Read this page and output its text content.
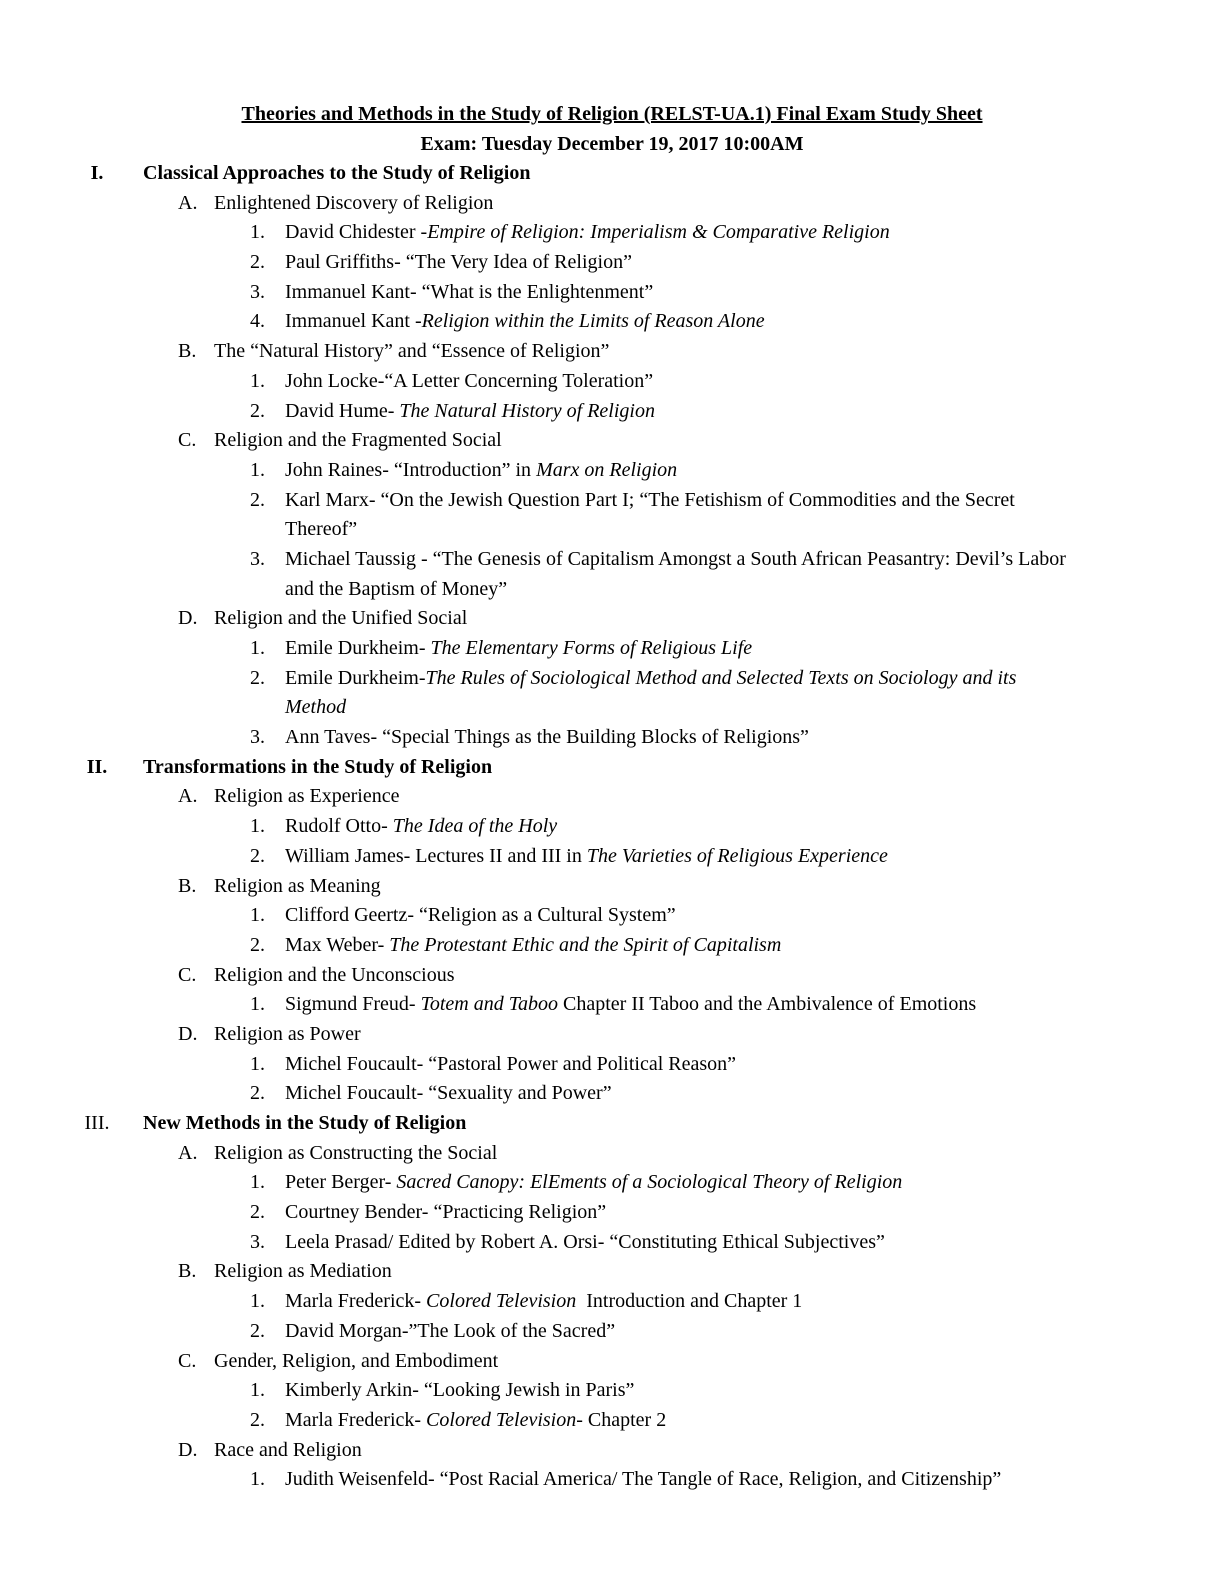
Theories and Methods in the Study of Religion (RELST-UA.1) Final Exam Study Sheet
Exam: Tuesday December 19, 2017 10:00AM
I.	Classical Approaches to the Study of Religion
A. Enlightened Discovery of Religion
1. David Chidester -Empire of Religion: Imperialism & Comparative Religion
2. Paul Griffiths- “The Very Idea of Religion”
3. Immanuel Kant- “What is the Enlightenment”
4. Immanuel Kant -Religion within the Limits of Reason Alone
B. The “Natural History” and “Essence of Religion”
1. John Locke-“A Letter Concerning Toleration”
2. David Hume- The Natural History of Religion
C. Religion and the Fragmented Social
1. John Raines- “Introduction” in Marx on Religion
2. Karl Marx- “On the Jewish Question Part I; “The Fetishism of Commodities and the Secret
Thereof”
3. Michael Taussig - “The Genesis of Capitalism Amongst a South African Peasantry: Devil’s Labor
and the Baptism of Money”
D. Religion and the Unified Social
1. Emile Durkheim- The Elementary Forms of Religious Life
2. Emile Durkheim-The Rules of Sociological Method and Selected Texts on Sociology and its
Method
3. Ann Taves- “Special Things as the Building Blocks of Religions”
II.	Transformations in the Study of Religion
A. Religion as Experience
1. Rudolf Otto- The Idea of the Holy
2. William James- Lectures II and III in The Varieties of Religious Experience
B. Religion as Meaning
1. Clifford Geertz- “Religion as a Cultural System”
2. Max Weber- The Protestant Ethic and the Spirit of Capitalism
C. Religion and the Unconscious
1. Sigmund Freud- Totem and Taboo Chapter II Taboo and the Ambivalence of Emotions
D. Religion as Power
1. Michel Foucault- “Pastoral Power and Political Reason”
2. Michel Foucault- “Sexuality and Power”
III.	New Methods in the Study of Religion
A. Religion as Constructing the Social
1. Peter Berger- Sacred Canopy: ElEments of a Sociological Theory of Religion
2. Courtney Bender- “Practicing Religion”
3. Leela Prasad/ Edited by Robert A. Orsi- “Constituting Ethical Subjectives”
B. Religion as Mediation
1. Marla Frederick- Colored Television  Introduction and Chapter 1
2. David Morgan-”The Look of the Sacred”
C. Gender, Religion, and Embodiment
1. Kimberly Arkin- “Looking Jewish in Paris”
2. Marla Frederick- Colored Television- Chapter 2
D. Race and Religion
1. Judith Weisenfeld- “Post Racial America/ The Tangle of Race, Religion, and Citizenship”
